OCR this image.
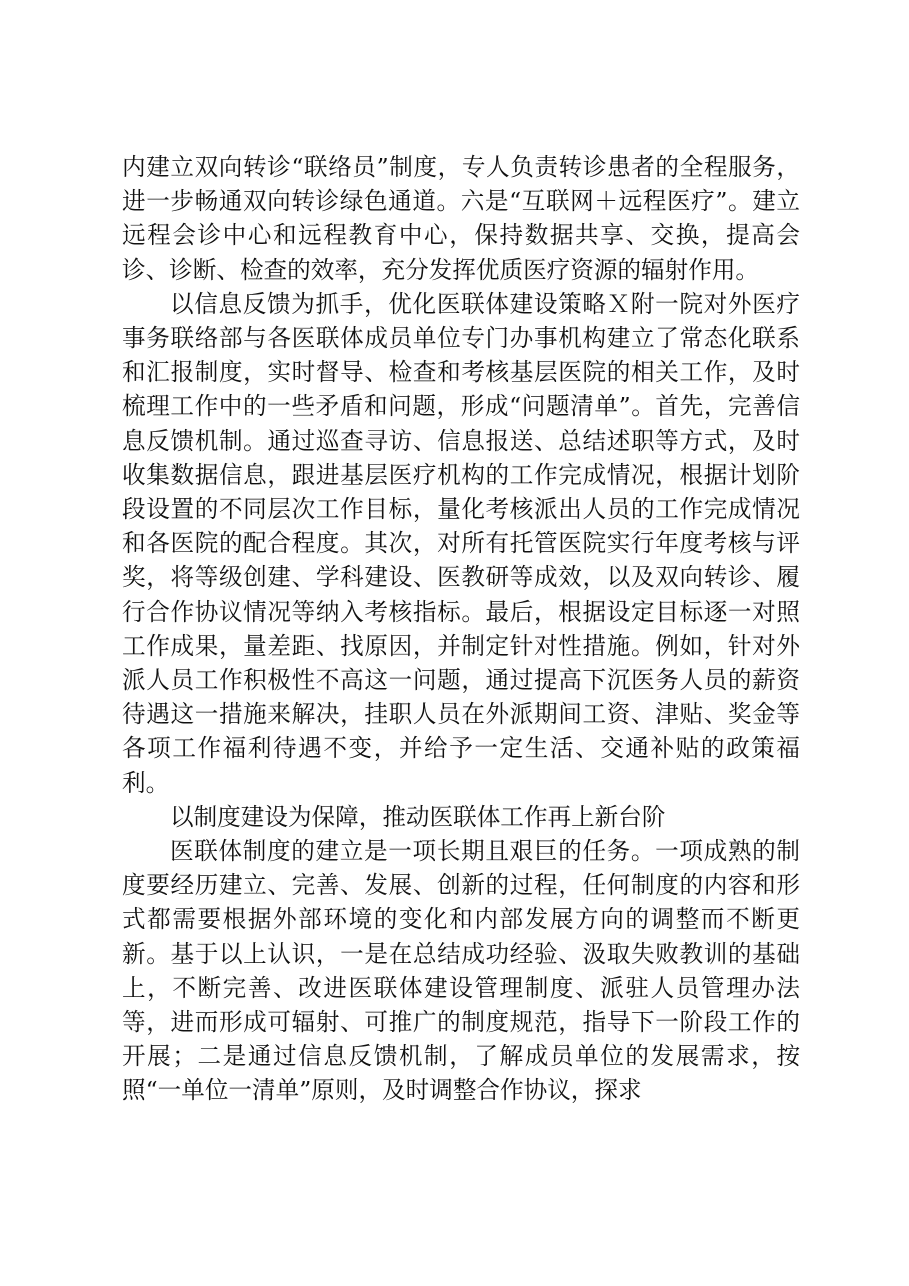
内建立双向转诊“联络员”制度，专人负责转诊患者的全程服务，进一步畅通双向转诊绿色通道。六是“互联网＋远程医疗”。建立远程会诊中心和远程教育中心，保持数据共享、交换，提高会诊、诊断、检查的效率，充分发挥优质医疗资源的辐射作用。

以信息反馈为抓手，优化医联体建设策略Ｘ附一院对外医疗事务联络部与各医联体成员单位专门办事机构建立了常态化联系和汇报制度，实时督导、检查和考核基层医院的相关工作，及时梳理工作中的一些矛盾和问题，形成“问题清单”。首先，完善信息反馈机制。通过巡查寻访、信息报送、总结述职等方式，及时收集数据信息，跟进基层医疗机构的工作完成情况，根据计划阶段设置的不同层次工作目标，量化考核派出人员的工作完成情况和各医院的配合程度。其次，对所有托管医院实行年度考核与评奖，将等级创建、学科建设、医教研等成效，以及双向转诊、履行合作协议情况等纳入考核指标。最后，根据设定目标逐一对照工作成果，量差距、找原因，并制定针对性措施。例如，针对外派人员工作积极性不高这一问题，通过提高下沉医务人员的薪资待遇这一措施来解决，挂职人员在外派期间工资、津贴、奖金等各项工作福利待遇不变，并给予一定生活、交通补贴的政策福利。

以制度建设为保障，推动医联体工作再上新台阶

医联体制度的建立是一项长期且艰巨的任务。一项成熟的制度要经历建立、完善、发展、创新的过程，任何制度的内容和形式都需要根据外部环境的变化和内部发展方向的调整而不断更新。基于以上认识，一是在总结成功经验、汲取失败教训的基础上，不断完善、改进医联体建设管理制度、派驻人员管理办法等，进而形成可辐射、可推广的制度规范，指导下一阶段工作的开展；二是通过信息反馈机制，了解成员单位的发展需求，按照“一单位一清单”原则，及时调整合作协议，探求
